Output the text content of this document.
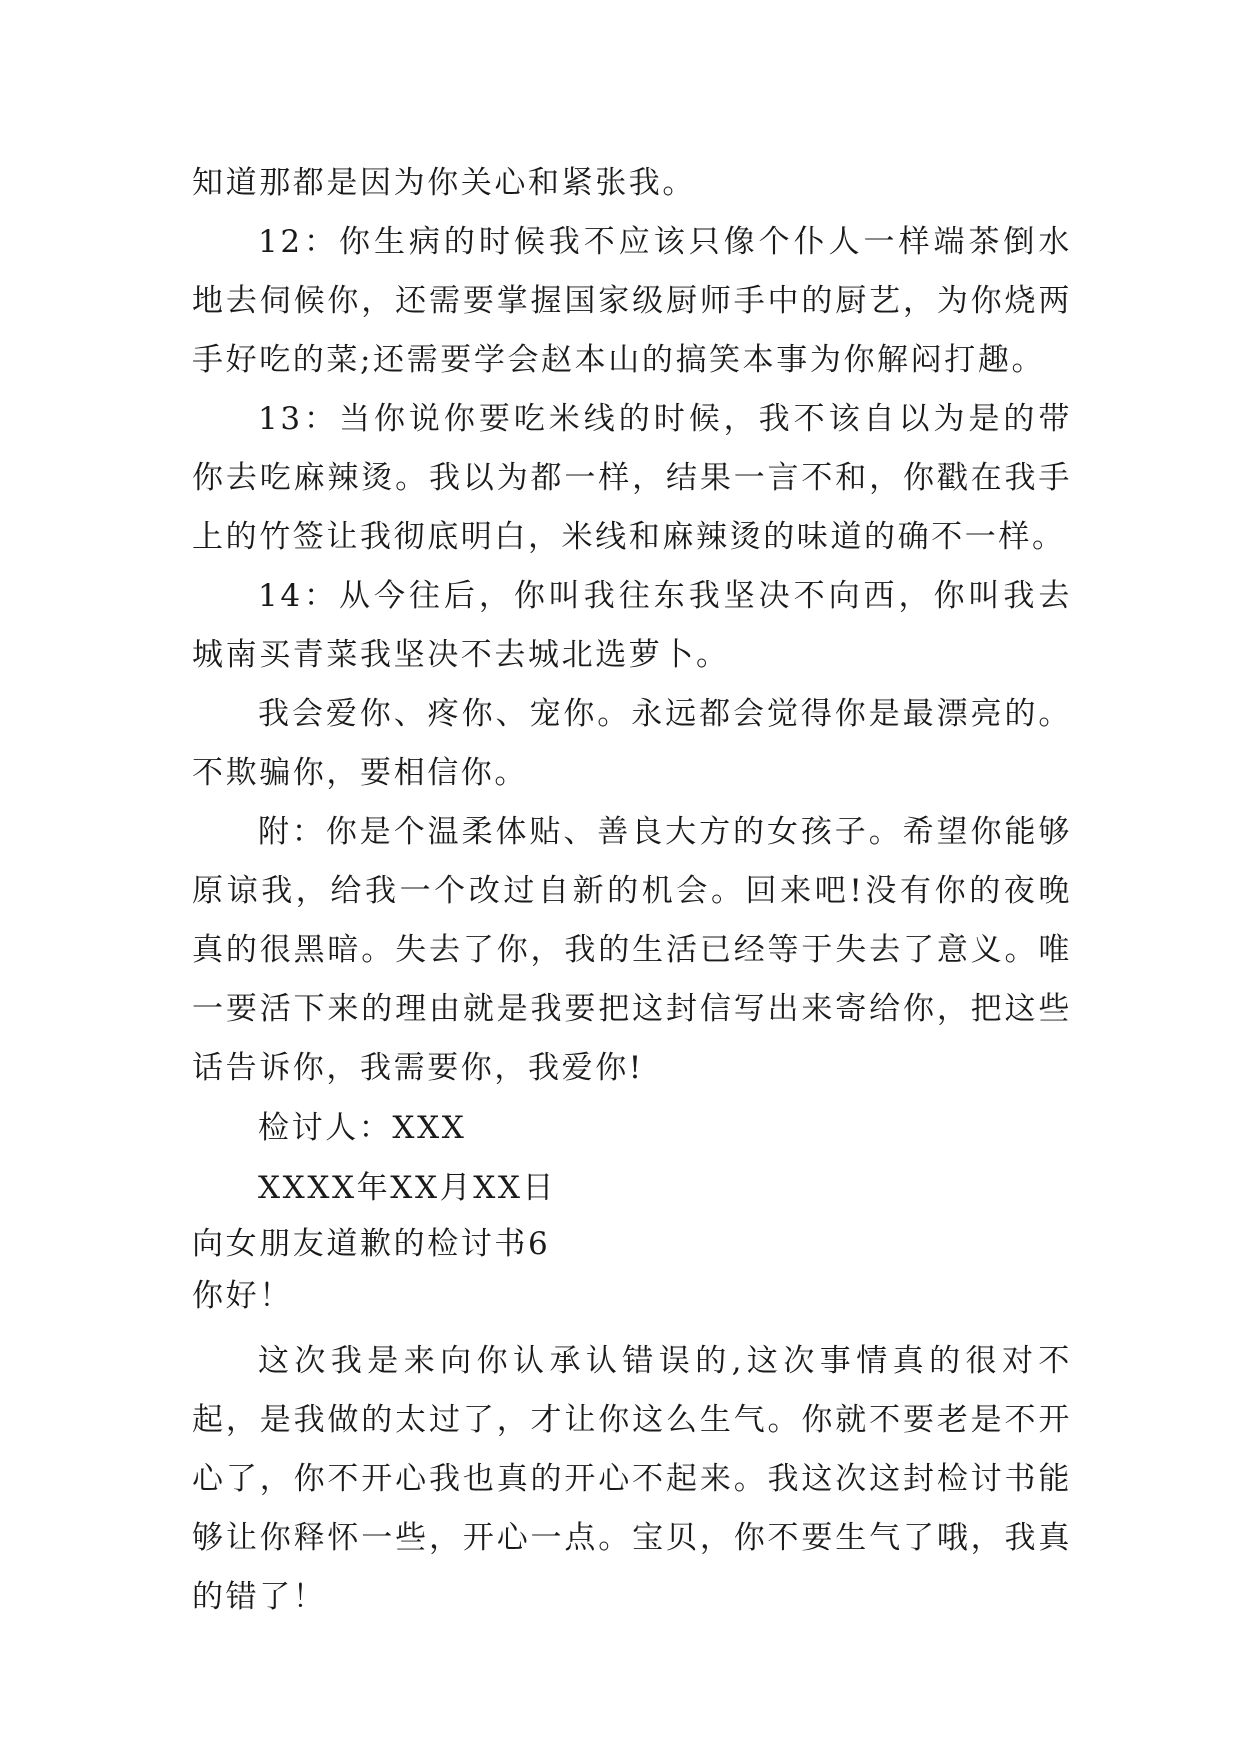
知道那都是因为你关心和紧张我。

12：你生病的时候我不应该只像个仆人一样端茶倒水地去伺候你，还需要掌握国家级厨师手中的厨艺，为你烧两手好吃的菜;还需要学会赵本山的搞笑本事为你解闷打趣。

13：当你说你要吃米线的时候，我不该自以为是的带你去吃麻辣烫。我以为都一样，结果一言不和，你戳在我手上的竹签让我彻底明白，米线和麻辣烫的味道的确不一样。

14：从今往后，你叫我往东我坚决不向西，你叫我去城南买青菜我坚决不去城北选萝卜。

我会爱你、疼你、宠你。永远都会觉得你是最漂亮的。不欺骗你，要相信你。

附：你是个温柔体贴、善良大方的女孩子。希望你能够原谅我，给我一个改过自新的机会。回来吧!没有你的夜晚真的很黑暗。失去了你，我的生活已经等于失去了意义。唯一要活下来的理由就是我要把这封信写出来寄给你，把这些话告诉你，我需要你，我爱你!

检讨人：XXX

XXXX年XX月XX日

向女朋友道歉的检讨书6

你好！

这次我是来向你认承认错误的,这次事情真的很对不起，是我做的太过了，才让你这么生气。你就不要老是不开心了，你不开心我也真的开心不起来。我这次这封检讨书能够让你释怀一些，开心一点。宝贝，你不要生气了哦，我真的错了！
